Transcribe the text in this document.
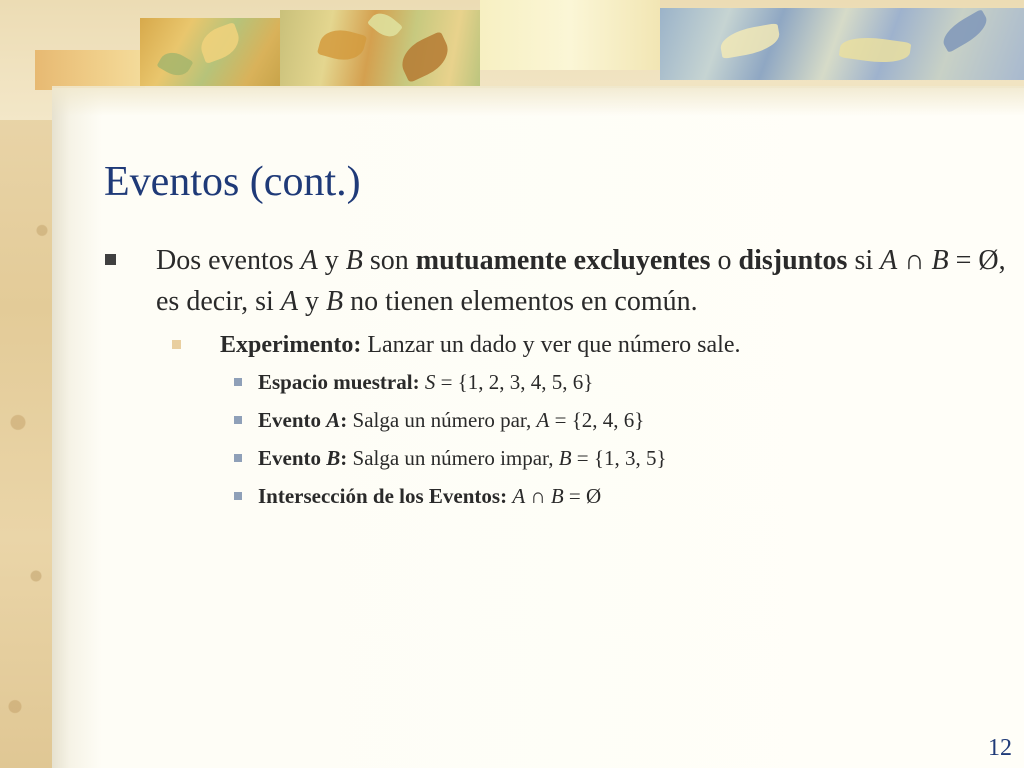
Eventos (cont.)

Dos eventos A y B son mutuamente excluyentes o disjuntos si A ∩ B = Ø, es decir, si A y B no tienen elementos en común.

Experimento: Lanzar un dado y ver que número sale.

Espacio muestral: S = {1, 2, 3, 4, 5, 6}

Evento A: Salga un número par, A = {2, 4, 6}

Evento B: Salga un número impar, B = {1, 3, 5}

Intersección de los Eventos: A ∩ B = Ø

12
